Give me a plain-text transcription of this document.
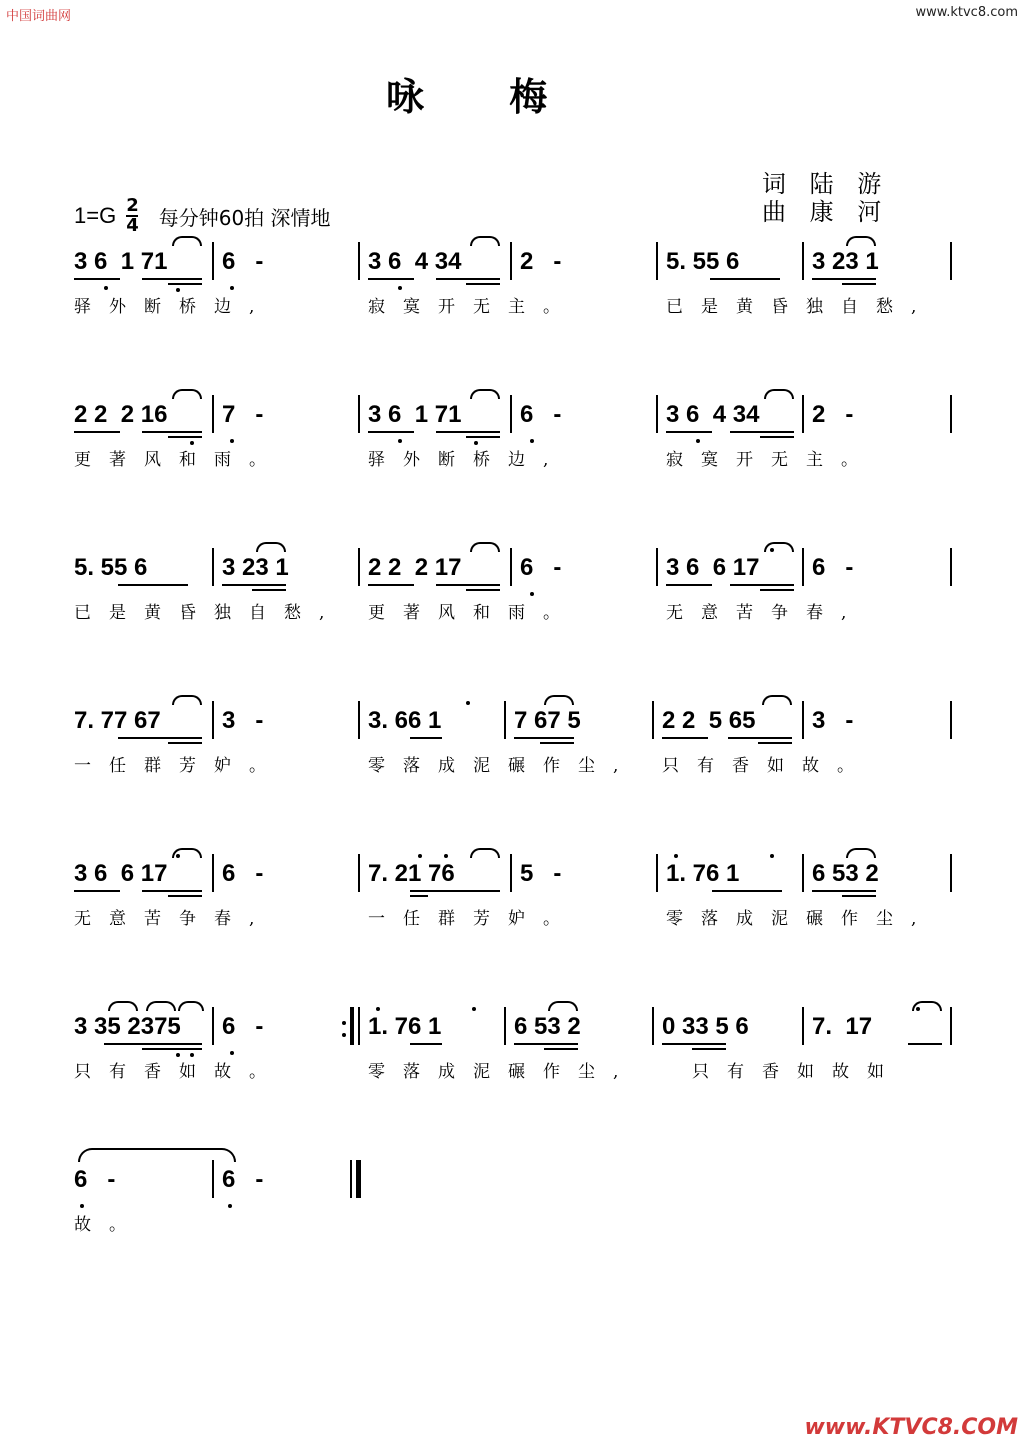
中国词曲网	www.ktvc8.com
咏 梅
词 陆 游
曲 康 河
$1=G \frac{2}{4}$ 每分钟60拍 深情地
3 6  1 71 6   -	3 6  4 34 2   -	5. 55 6	3 23 1
驿外断桥边,	寂寞开无主。	已是黄昏独自愁,
2 2  2 16 7   -	3 6  1 71 6   -	3 6  4 34 2   -
更著风和雨。	驿外断桥边,	寂寞开无主。
5. 55 6	3 23 1	2 2  2 17 6   -	3 6  6 17 6   -
已是黄昏独自愁, 更著风和雨。	无意苦争春,
7. 77 67	3   -	3. 66 1	7 67 5	2 2  5 65 3   -
一任群芳妒。	零落成泥碾作尘, 只有香如故。
3 6  6 17 6   -	7. 21 76	5   -	1. 76 1	6 53 2
无意苦争春,	一任群芳妒。	零落成泥碾作尘,
3 35 2375 6   -	1. 76 1	6 53 2	0 33 5 6	7.  17
只有香如故。	零落成泥碾作尘,	只有香如故如
6   -	6   -
故。
www.KTVC8.COM
